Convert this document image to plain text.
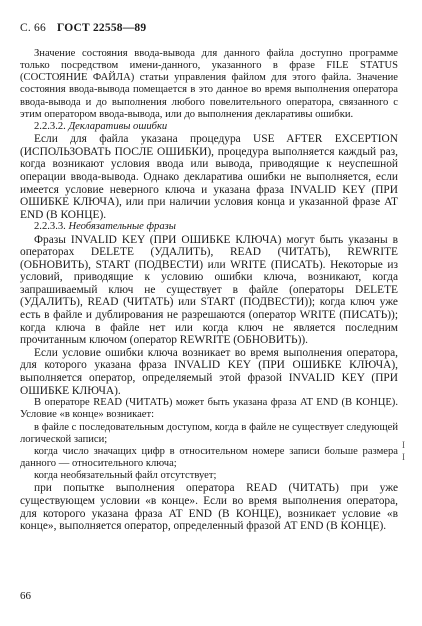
С. 66 ГОСТ 22558—89

Значение состояния ввода-вывода для данного файла доступно программе только посредством имени-данного, указанного в фразе FILE STATUS (СОСТОЯНИЕ ФАЙЛА) статьи управления файлом для этого файла. Значение состояния ввода-вывода помещается в это данное во время выполнения оператора ввода-вывода и до выполнения любого повелительного оператора, связанного с этим оператором ввода-вывода, или до выполнения декларативы ошибки.

2.2.3.2. Декларативы ошибки

Если для файла указана процедура USE AFTER EXCEPTION (ИСПОЛЬЗОВАТЬ ПОСЛЕ ОШИБКИ), процедура выполняется каждый раз, когда возникают условия ввода или вывода, приводящие к неуспешной операции ввода-вывода. Однако декларатива ошибки не выполняется, если имеется условие неверного ключа и указана фраза INVALID KEY (ПРИ ОШИБКЕ КЛЮЧА), или при наличии условия конца и указанной фразе AT END (В КОНЦЕ).

2.2.3.3. Необязательные фразы

Фразы INVALID KEY (ПРИ ОШИБКЕ КЛЮЧА) могут быть указаны в операторах DELETE (УДАЛИТЬ), READ (ЧИТАТЬ), REWRITE (ОБНОВИТЬ), START (ПОДВЕСТИ) или WRITE (ПИСАТЬ). Некоторые из условий, приводящие к условию ошибки ключа, возникают, когда запрашиваемый ключ не существует в файле (операторы DELETE (УДАЛИТЬ), READ (ЧИТАТЬ) или START (ПОДВЕСТИ)); когда ключ уже есть в файле и дублирования не разрешаются (оператор WRITE (ПИСАТЬ)); когда ключа в файле нет или когда ключ не является последним прочитанным ключом (оператор REWRITE (ОБНОВИТЬ)).

Если условие ошибки ключа возникает во время выполнения оператора, для которого указана фраза INVALID KEY (ПРИ ОШИБКЕ КЛЮЧА), выполняется оператор, определяемый этой фразой INVALID KEY (ПРИ ОШИБКЕ КЛЮЧА).

В операторе READ (ЧИТАТЬ) может быть указана фраза AT END (В КОНЦЕ). Условие «в конце» возникает:

в файле с последовательным доступом, когда в файле не существует следующей логической записи;

когда число значащих цифр в относительном номере записи больше размера данного — относительного ключа;

когда необязательный файл отсутствует;

при попытке выполнения оператора READ (ЧИТАТЬ) при уже существующем условии «в конце». Если во время выполнения оператора, для которого указана фраза AT END (В КОНЦЕ), возникает условие «в конце», выполняется оператор, определенный фразой AT END (В КОНЦЕ).

I
I
66
